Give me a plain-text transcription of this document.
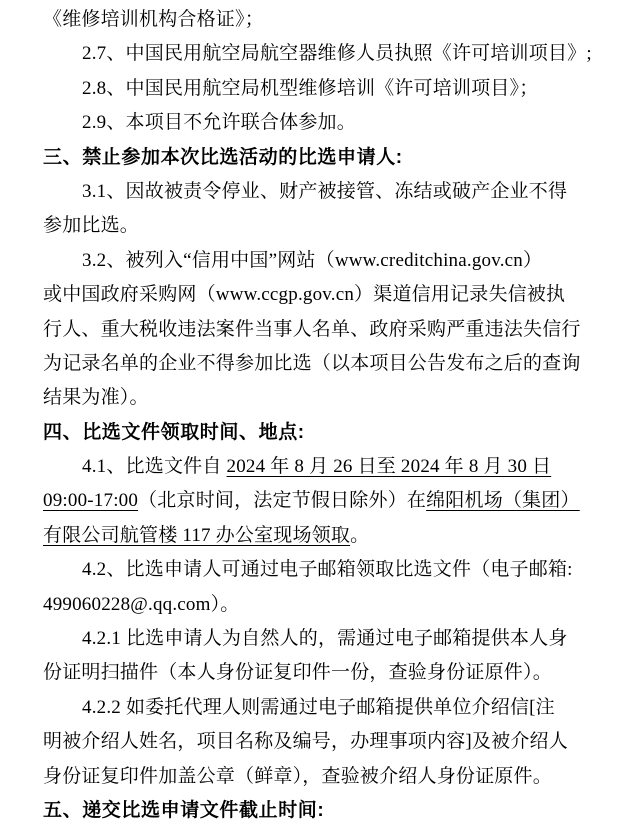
《维修培训机构合格证》；
2.7、中国民用航空局航空器维修人员执照《许可培训项目》;
2.8、中国民用航空局机型维修培训《许可培训项目》；
2.9、本项目不允许联合体参加。
三、禁止参加本次比选活动的比选申请人:
3.1、因故被责令停业、财产被接管、冻结或破产企业不得
参加比选。
3.2、被列入“信用中国”网站（www.creditchina.gov.cn）
或中国政府采购网（www.ccgp.gov.cn）渠道信用记录失信被执
行人、重大税收违法案件当事人名单、政府采购严重违法失信行
为记录名单的企业不得参加比选（以本项目公告发布之后的查询
结果为准）。
四、比选文件领取时间、地点:
4.1、比选文件自 2024 年 8 月 26 日至 2024 年 8 月 30 日
09:00-17:00（北京时间，法定节假日除外）在绵阳机场（集团）
有限公司航管楼 117 办公室现场领取。
4.2、比选申请人可通过电子邮箱领取比选文件（电子邮箱:
499060228@.qq.com）。
4.2.1 比选申请人为自然人的，需通过电子邮箱提供本人身
份证明扫描件（本人身份证复印件一份，查验身份证原件）。
4.2.2 如委托代理人则需通过电子邮箱提供单位介绍信[注
明被介绍人姓名，项目名称及编号，办理事项内容]及被介绍人
身份证复印件加盖公章（鲜章），查验被介绍人身份证原件。
五、递交比选申请文件截止时间:
